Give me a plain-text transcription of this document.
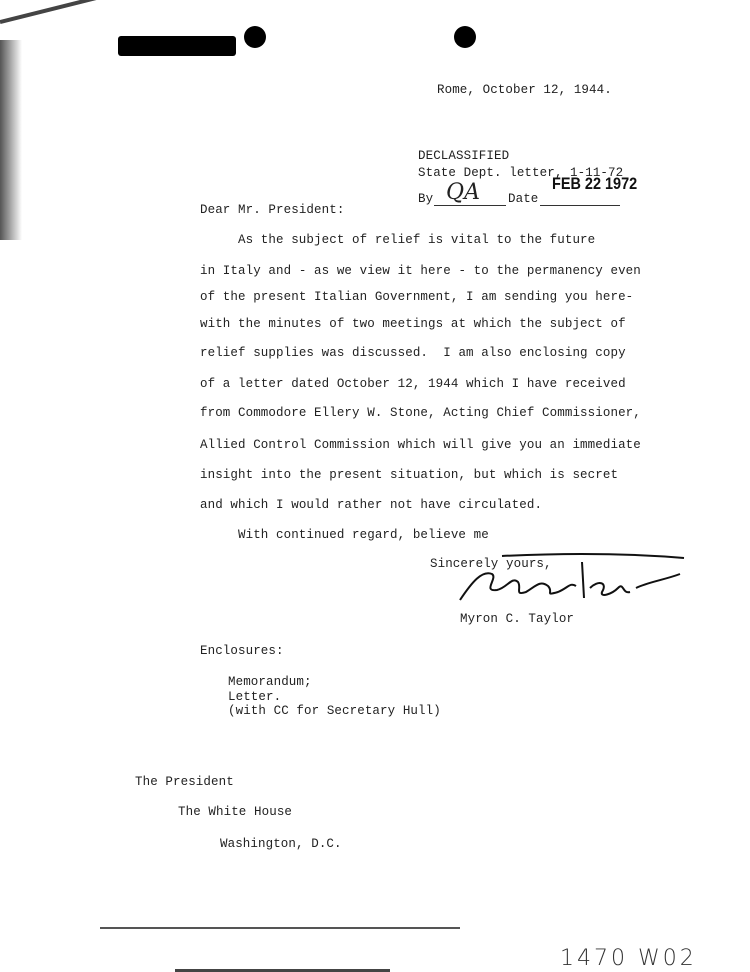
Rome, October 12, 1944.
DECLASSIFIED
State Dept. letter, 1-11-72
By QA Date
FEB 22 1972
Dear Mr. President:
As the subject of relief is vital to the future
in Italy and - as we view it here - to the permanency even
of the present Italian Government, I am sending you here-
with the minutes of two meetings at which the subject of
relief supplies was discussed.  I am also enclosing copy
of a letter dated October 12, 1944 which I have received
from Commodore Ellery W. Stone, Acting Chief Commissioner,
Allied Control Commission which will give you an immediate
insight into the present situation, but which is secret
and which I would rather not have circulated.
With continued regard, believe me
Sincerely yours,
Myron C. Taylor
Enclosures:
Memorandum;
Letter.
(with CC for Secretary Hull)
The President
The White House
Washington, D.C.
1470 W02
